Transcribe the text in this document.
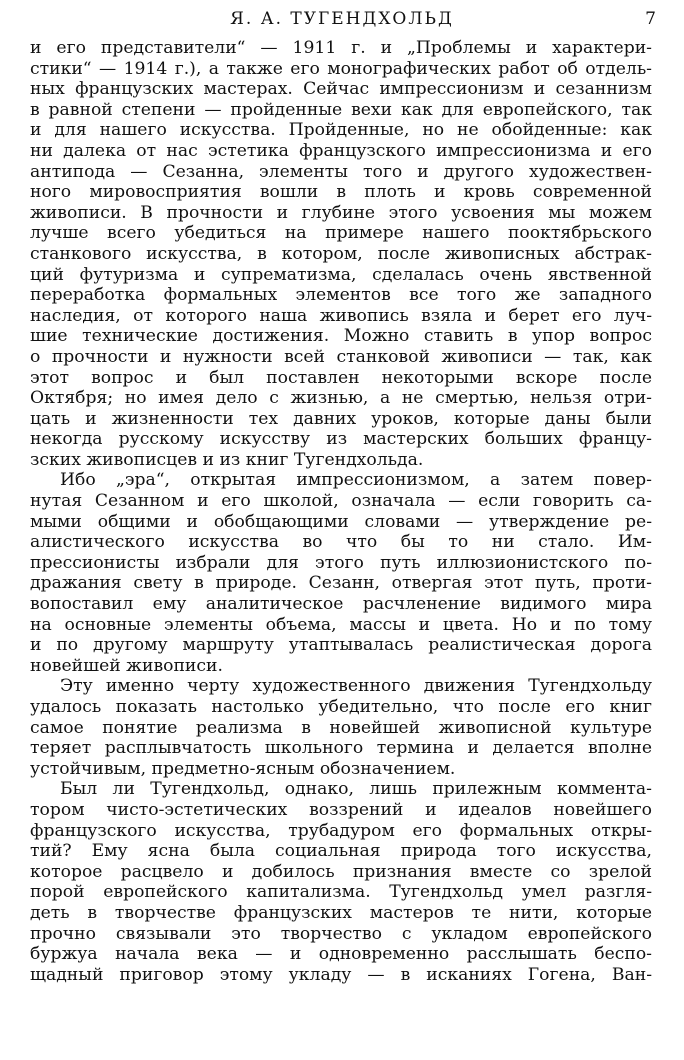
Я. А. ТУГЕНДХОЛЬД	7

и его представители“ — 1911 г. и „Проблемы и характери-
стики“ — 1914 г.), а также его монографических работ об отдель-
ных французских мастерах. Сейчас импрессионизм и сезаннизм
в равной степени — пройденные вехи как для европейского, так
и для нашего искусства. Пройденные, но не обойденные: как
ни далека от нас эстетика французского импрессионизма и его
антипода — Сезанна, элементы того и другого художествен-
ного мировосприятия вошли в плоть и кровь современной
живописи. В прочности и глубине этого усвоения мы можем
лучше всего убедиться на примере нашего пооктябрьского
станкового искусства, в котором, после живописных абстрак-
ций футуризма и супрематизма, сделалась очень явственной
переработка формальных элементов все того же западного
наследия, от которого наша живопись взяла и берет его луч-
шие технические достижения. Можно ставить в упор вопрос
о прочности и нужности всей станковой живописи — так, как
этот вопрос и был поставлен некоторыми вскоре после
Октября; но имея дело с жизнью, а не смертью, нельзя отри-
цать и жизненности тех давних уроков, которые даны были
некогда русскому искусству из мастерских больших францу-
зских живописцев и из книг Тугендхольда.

Ибо „эра“, открытая импрессионизмом, а затем повер-
нутая Сезанном и его школой, означала — если говорить са-
мыми общими и обобщающими словами — утверждение ре-
алистического искусства во что бы то ни стало. Им-
прессионисты избрали для этого путь иллюзионистского по-
дражания свету в природе. Сезанн, отвергая этот путь, проти-
вопоставил ему аналитическое расчленение видимого мира
на основные элементы объема, массы и цвета. Но и по тому
и по другому маршруту утаптывалась реалистическая дорога
новейшей живописи.

Эту именно черту художественного движения Тугендхольду
удалось показать настолько убедительно, что после его книг
самое понятие реализма в новейшей живописной культуре
теряет расплывчатость школьного термина и делается вполне
устойчивым, предметно-ясным обозначением.

Был ли Тугендхольд, однако, лишь прилежным коммента-
тором чисто-эстетических воззрений и идеалов новейшего
французского искусства, трубадуром его формальных откры-
тий? Ему ясна была социальная природа того искусства,
которое расцвело и добилось признания вместе со зрелой
порой европейского капитализма. Тугендхольд умел разгля-
деть в творчестве французских мастеров те нити, которые
прочно связывали это творчество с укладом европейского
буржуа начала века — и одновременно расслышать беспо-
щадный приговор этому укладу — в исканиях Гогена, Ван-
